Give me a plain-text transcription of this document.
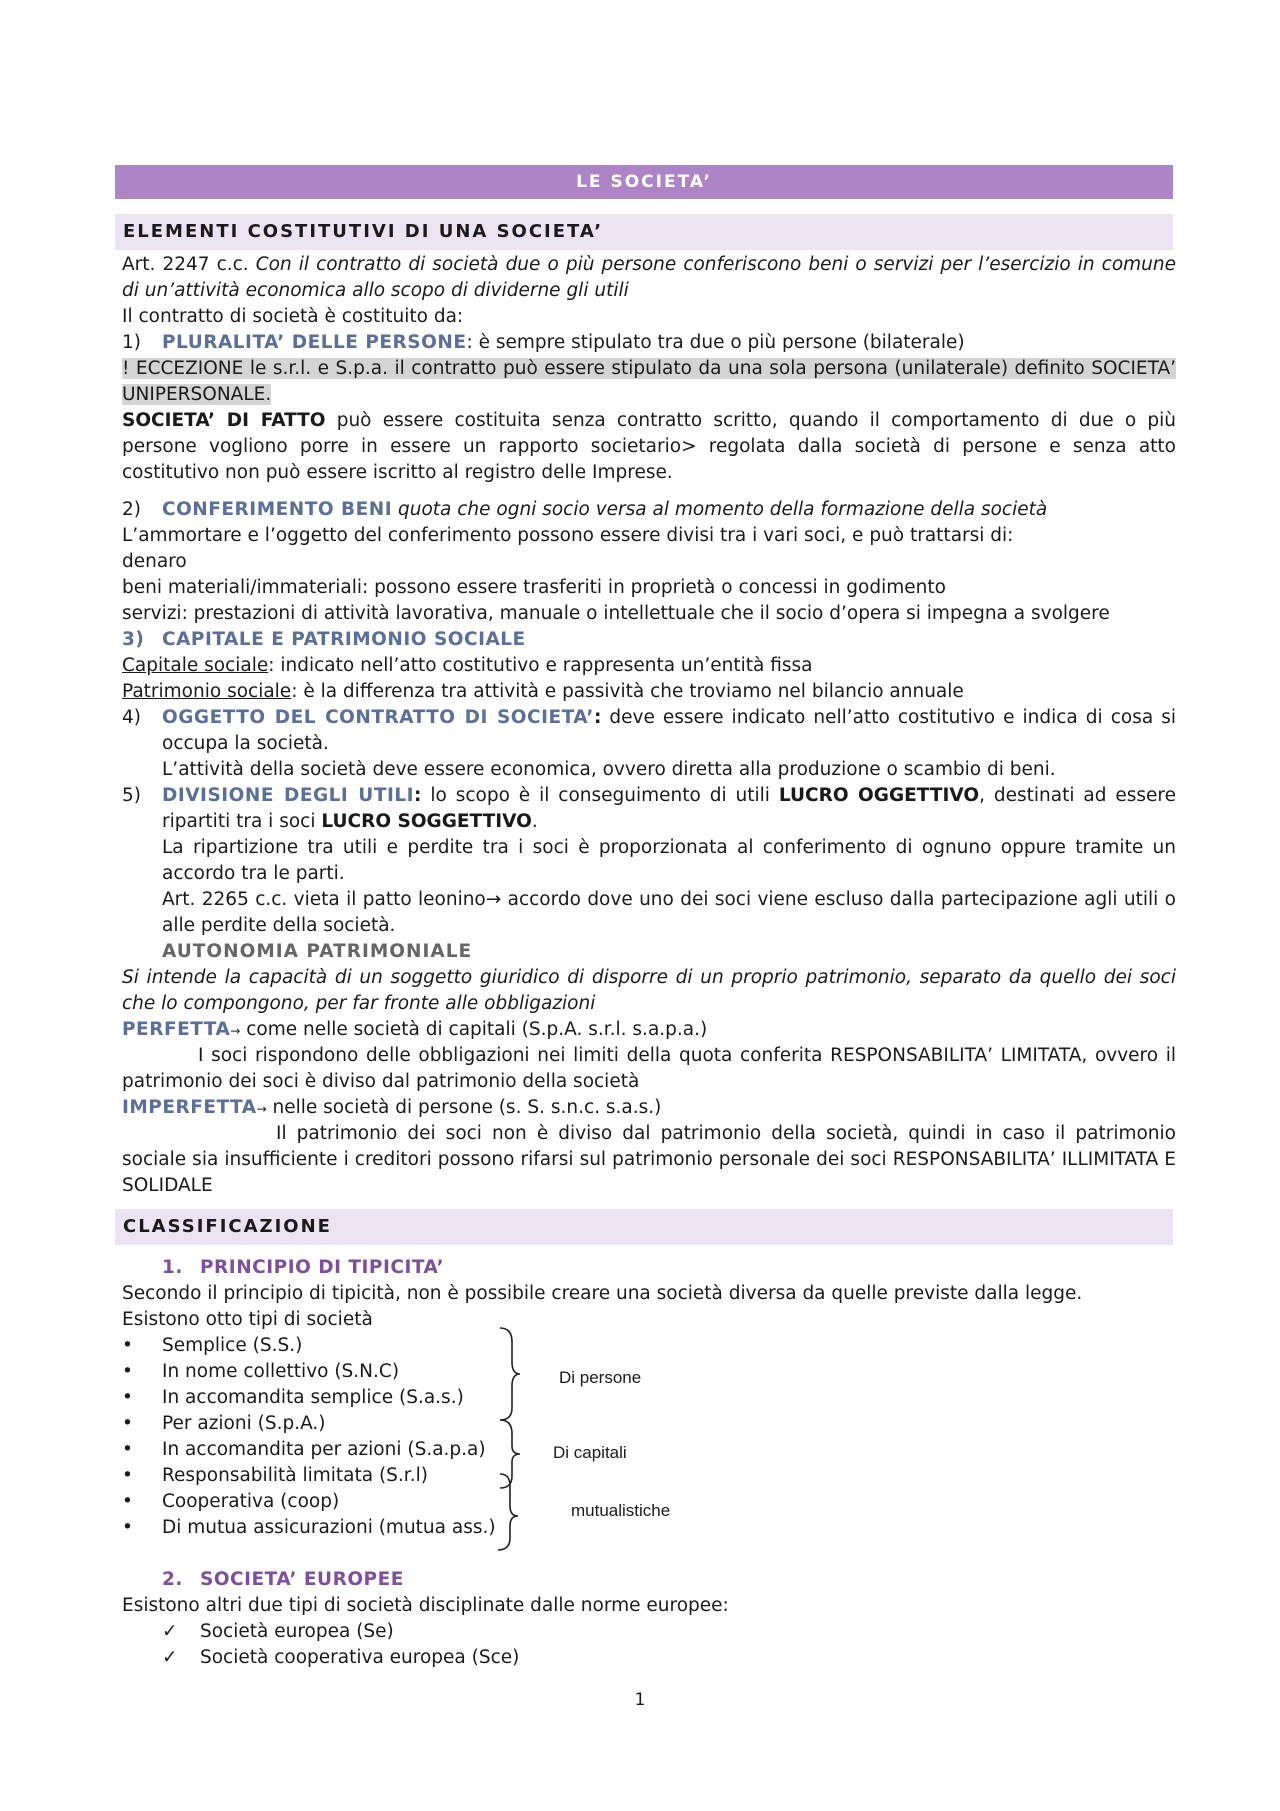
LE SOCIETA’
ELEMENTI COSTITUTIVI DI UNA SOCIETA’
Art. 2247 c.c. Con il contratto di società due o più persone conferiscono beni o servizi per l’esercizio in comune di un’attività economica allo scopo di dividerne gli utili
Il contratto di società è costituito da:
1) PLURALITA’ DELLE PERSONE: è sempre stipulato tra due o più persone (bilaterale)
! ECCEZIONE le s.r.l. e S.p.a. il contratto può essere stipulato da una sola persona (unilaterale) definito SOCIETA’ UNIPERSONALE.
SOCIETA’ DI FATTO può essere costituita senza contratto scritto, quando il comportamento di due o più persone vogliono porre in essere un rapporto societario> regolata dalla società di persone e senza atto costitutivo non può essere iscritto al registro delle Imprese.
2) CONFERIMENTO BENI quota che ogni socio versa al momento della formazione della società
L’ammortare e l’oggetto del conferimento possono essere divisi tra i vari soci, e può trattarsi di:
denaro
beni materiali/immateriali: possono essere trasferiti in proprietà o concessi in godimento
servizi: prestazioni di attività lavorativa, manuale o intellettuale che il socio d’opera si impegna a svolgere
3) CAPITALE E PATRIMONIO SOCIALE
Capitale sociale: indicato nell’atto costitutivo e rappresenta un’entità fissa
Patrimonio sociale: è la differenza tra attività e passività che troviamo nel bilancio annuale
4)	OGGETTO DEL CONTRATTO DI SOCIETA’: deve essere indicato nell’atto costitutivo e indica di cosa si occupa la società.
L’attività della società deve essere economica, ovvero diretta alla produzione o scambio di beni.
5)	DIVISIONE DEGLI UTILI: lo scopo è il conseguimento di utili LUCRO OGGETTIVO, destinati ad essere ripartiti tra i soci LUCRO SOGGETTIVO.
La ripartizione tra utili e perdite tra i soci è proporzionata al conferimento di ognuno oppure tramite un accordo tra le parti.
Art. 2265 c.c. vieta il patto leonino→ accordo dove uno dei soci viene escluso dalla partecipazione agli utili o alle perdite della società.
AUTONOMIA PATRIMONIALE
Si intende la capacità di un soggetto giuridico di disporre di un proprio patrimonio, separato da quello dei soci che lo compongono, per far fronte alle obbligazioni
PERFETTA→ come nelle società di capitali (S.p.A. s.r.l. s.a.p.a.)
I soci rispondono delle obbligazioni nei limiti della quota conferita RESPONSABILITA’ LIMITATA, ovvero il patrimonio dei soci è diviso dal patrimonio della società
IMPERFETTA→ nelle società di persone (s. S. s.n.c. s.a.s.)
Il patrimonio dei soci non è diviso dal patrimonio della società, quindi in caso il patrimonio sociale sia insufficiente i creditori possono rifarsi sul patrimonio personale dei soci RESPONSABILITA’ ILLIMITATA E SOLIDALE
1. PRINCIPIO DI TIPICITA’
Secondo il principio di tipicità, non è possibile creare una società diversa da quelle previste dalla legge.
Esistono otto tipi di società
• Semplice (S.S.)
• In nome collettivo (S.N.C)
• In accomandita semplice (S.a.s.)
• Per azioni (S.p.A.)
• In accomandita per azioni (S.a.p.a)
• Responsabilità limitata (S.r.l)
• Cooperativa (coop)
• Di mutua assicurazioni (mutua ass.)
Di persone
Di capitali
mutualistiche
2. SOCIETA’ EUROPEE
Esistono altri due tipi di società disciplinate dalle norme europee:
✓ Società europea (Se)
✓ Società cooperativa europea (Sce)
CLASSIFICAZIONE
1
